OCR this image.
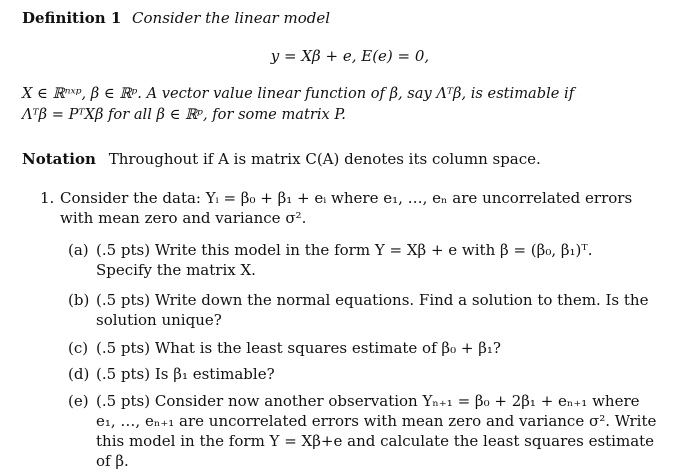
Definition 1 Consider the linear model
y = Xβ + e, E(e) = 0,
X ∈ ℝⁿˣᵖ, β ∈ ℝᵖ. A vector value linear function of β, say Λᵀβ, is estimable if
Λᵀβ = PᵀXβ for all β ∈ ℝᵖ, for some matrix P.
Notation Throughout if A is matrix C(A) denotes its column space.
1. Consider the data: Yᵢ = β₀ + β₁ + eᵢ where e₁, …, eₙ are uncorrelated errors
with mean zero and variance σ².
(a) (.5 pts) Write this model in the form Y = Xβ + e with β = (β₀, β₁)ᵀ.
Specify the matrix X.
(b) (.5 pts) Write down the normal equations. Find a solution to them. Is the
solution unique?
(c) (.5 pts) What is the least squares estimate of β₀ + β₁?
(d) (.5 pts) Is β₁ estimable?
(e) (.5 pts) Consider now another observation Yₙ₊₁ = β₀ + 2β₁ + eₙ₊₁ where
e₁, …, eₙ₊₁ are uncorrelated errors with mean zero and variance σ². Write
this model in the form Y = Xβ+e and calculate the least squares estimate
of β.
